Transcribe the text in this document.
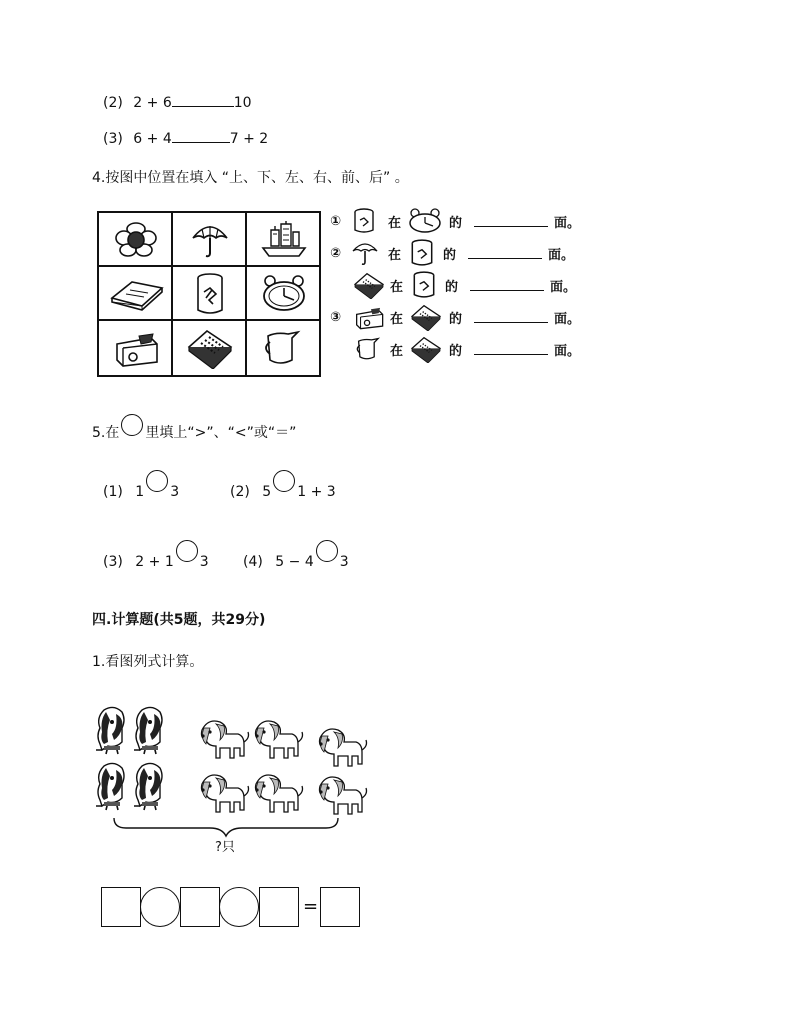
(2) 2 + 6	10
(3) 6 + 4	7 + 2
4.按图中位置在填入 “上、下、左、右、前、后” 。
①	在	的	面。
②	在	的	面。
在	的	面。
③	在	的	面。
在	的	面。
5.在 里填上“>”、“<”或“＝”
(1) 1 3	(2) 5 1 + 3
(3) 2 + 1 3 (4) 5 − 4 3
四.计算题(共5题，共29分)
1.看图列式计算。
?只
=
